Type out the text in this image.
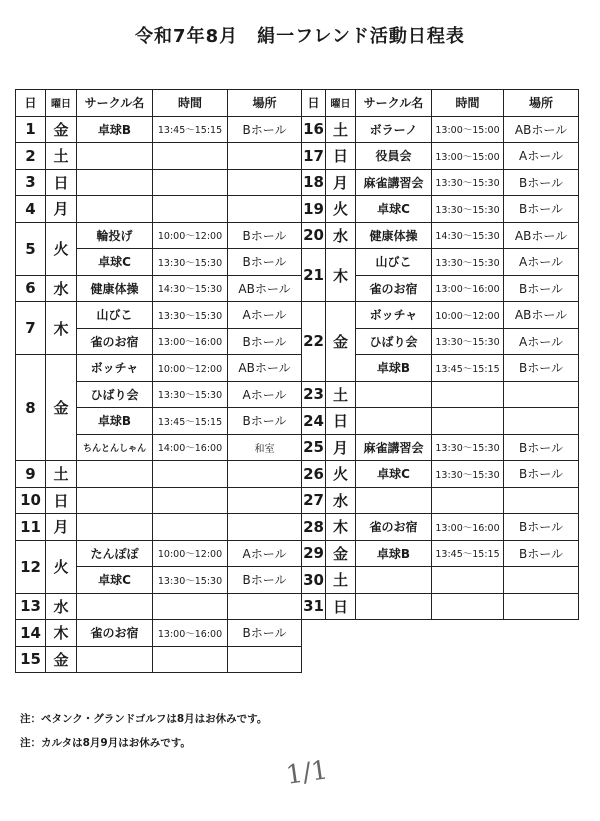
令和7年8月　絹一フレンド活動日程表
日	曜日	サークル名	時間	場所
1	金	卓球B	13:45～15:15	Bホール
2	土			
3	日			
4	月			
5	火	輪投げ	10:00～12:00	Bホール
		卓球C	13:30～15:30	Bホール
6	水	健康体操	14:30～15:30	ABホール
7	木	山びこ	13:30～15:30	Aホール
		雀のお宿	13:00～16:00	Bホール
8	金	ボッチャ	10:00～12:00	ABホール
		ひばり会	13:30～15:30	Aホール
		卓球B	13:45～15:15	Bホール
		ちんとんしゃん	14:00～16:00	和室
9	土			
10	日			
11	月			
12	火	たんぽぽ	10:00～12:00	Aホール
		卓球C	13:30～15:30	Bホール
13	水			
14	木	雀のお宿	13:00～16:00	Bホール
15	金			
日	曜日	サークル名	時間	場所
16	土	ボラーノ	13:00～15:00	ABホール
17	日	役員会	13:00～15:00	Aホール
18	月	麻雀講習会	13:30～15:30	Bホール
19	火	卓球C	13:30～15:30	Bホール
20	水	健康体操	14:30～15:30	ABホール
21	木	山びこ	13:30～15:30	Aホール
		雀のお宿	13:00～16:00	Bホール
22	金	ボッチャ	10:00～12:00	ABホール
		ひばり会	13:30～15:30	Aホール
		卓球B	13:45～15:15	Bホール
23	土			
24	日			
25	月	麻雀講習会	13:30～15:30	Bホール
26	火	卓球C	13:30～15:30	Bホール
27	水			
28	木	雀のお宿	13:00～16:00	Bホール
29	金	卓球B	13:45～15:15	Bホール
30	土			
31	日			
注：ペタンク・グランドゴルフは8月はお休みです。
注：カルタは8月9月はお休みです。
1/1
